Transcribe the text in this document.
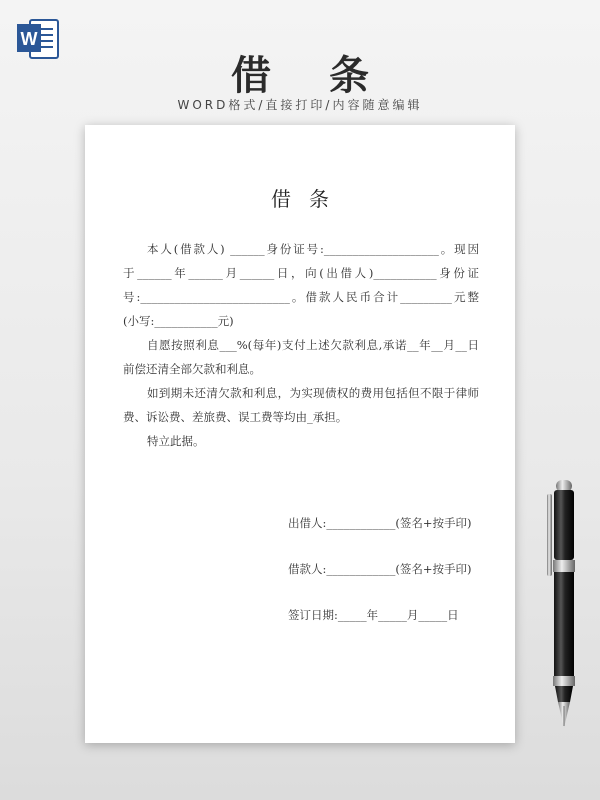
W
借 条
WORD格式/直接打印/内容随意编辑
借条
本人(借款人) ______身份证号:____________________。现因
于______年______月______日，向(出借人)___________身份证
号:__________________________。借款人民币合计_________元整
(小写:___________元)
自愿按照利息___%(每年)支付上述欠款利息,承诺__年__月__日
前偿还清全部欠款和利息。
如到期未还清欠款和利息，为实现债权的费用包括但不限于律师
费、诉讼费、差旅费、误工费等均由_承担。
特立此据。
出借人:____________(签名+按手印)
借款人:____________(签名+按手印)
签订日期:_____年_____月_____日
